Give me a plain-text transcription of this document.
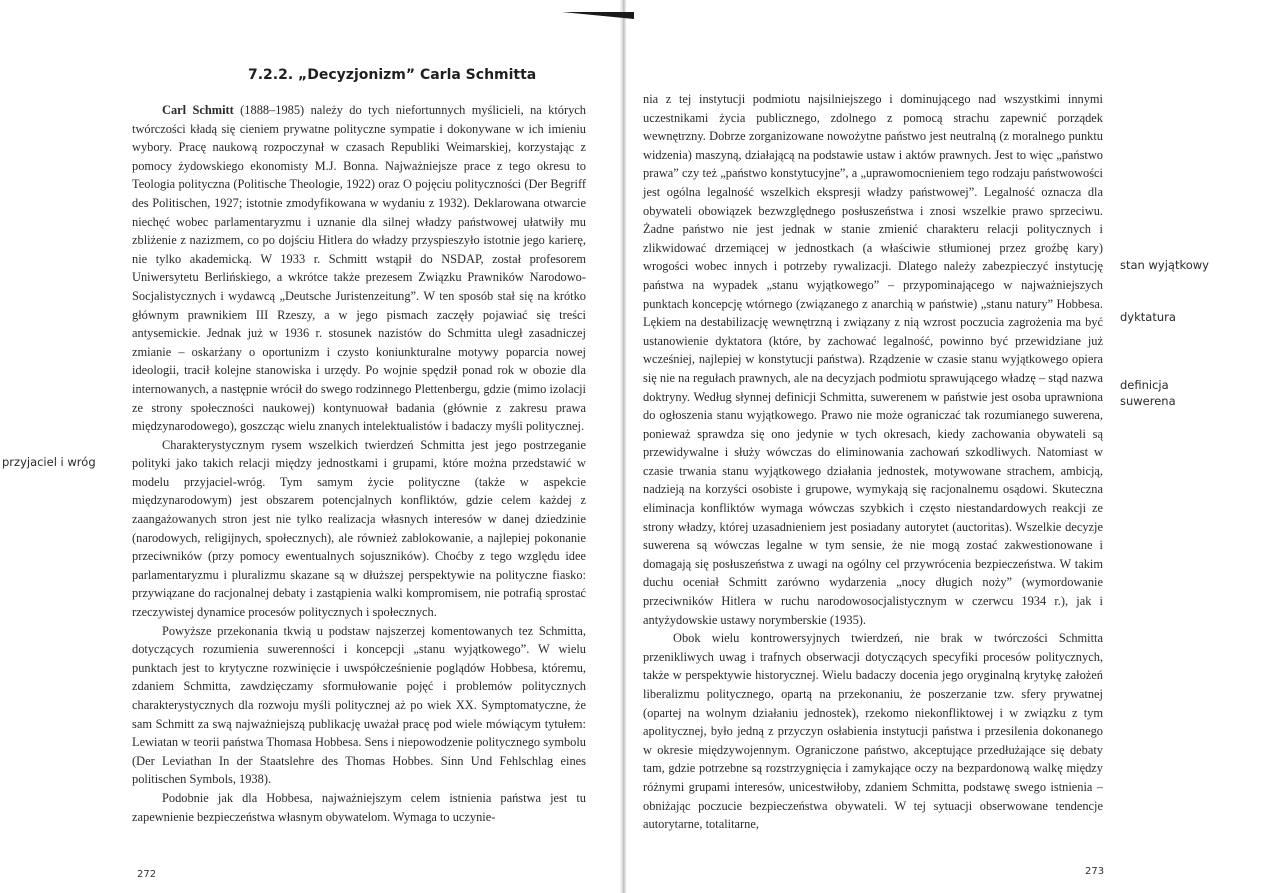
7.2.2. „Decyzjonizm” Carla Schmitta

Carl Schmitt (1888–1985) należy do tych niefortunnych myślicieli, na których twórczości kładą się cieniem prywatne polityczne sympatie i dokonywane w ich imieniu wybory. Pracę naukową rozpoczynał w czasach Republiki Weimarskiej, korzystając z pomocy żydowskiego ekonomisty M.J. Bonna. Najważniejsze prace z tego okresu to Teologia polityczna (Politische Theologie, 1922) oraz O pojęciu polityczności (Der Begriff des Politischen, 1927; istotnie zmodyfikowana w wydaniu z 1932). Deklarowana otwarcie niechęć wobec parlamentaryzmu i uznanie dla silnej władzy państwowej ułatwiły mu zbliżenie z nazizmem, co po dojściu Hitlera do władzy przyspieszyło istotnie jego karierę, nie tylko akademicką. W 1933 r. Schmitt wstąpił do NSDAP, został profesorem Uniwersytetu Berlińskiego, a wkrótce także prezesem Związku Prawników Narodowo-Socjalistycznych i wydawcą „Deutsche Juristenzeitung”. W ten sposób stał się na krótko głównym prawnikiem III Rzeszy, a w jego pismach zaczęły pojawiać się treści antysemickie. Jednak już w 1936 r. stosunek nazistów do Schmitta uległ zasadniczej zmianie – oskarżany o oportunizm i czysto koniunkturalne motywy poparcia nowej ideologii, tracił kolejne stanowiska i urzędy. Po wojnie spędził ponad rok w obozie dla internowanych, a następnie wrócił do swego rodzinnego Plettenbergu, gdzie (mimo izolacji ze strony społeczności naukowej) kontynuował badania (głównie z zakresu prawa międzynarodowego), goszcząc wielu znanych intelektualistów i badaczy myśli politycznej.

Charakterystycznym rysem wszelkich twierdzeń Schmitta jest jego postrzeganie polityki jako takich relacji między jednostkami i grupami, które można przedstawić w modelu przyjaciel-wróg. Tym samym życie polityczne (także w aspekcie międzynarodowym) jest obszarem potencjalnych konfliktów, gdzie celem każdej z zaangażowanych stron jest nie tylko realizacja własnych interesów w danej dziedzinie (narodowych, religijnych, społecznych), ale również zablokowanie, a najlepiej pokonanie przeciwników (przy pomocy ewentualnych sojuszników). Choćby z tego względu idee parlamentaryzmu i pluralizmu skazane są w dłuższej perspektywie na polityczne fiasko: przywiązane do racjonalnej debaty i zastąpienia walki kompromisem, nie potrafią sprostać rzeczywistej dynamice procesów politycznych i społecznych.

Powyższe przekonania tkwią u podstaw najszerzej komentowanych tez Schmitta, dotyczących rozumienia suwerenności i koncepcji „stanu wyjątkowego”. W wielu punktach jest to krytyczne rozwinięcie i uwspółcześnienie poglądów Hobbesa, któremu, zdaniem Schmitta, zawdzięczamy sformułowanie pojęć i problemów politycznych charakterystycznych dla rozwoju myśli politycznej aż po wiek XX. Symptomatyczne, że sam Schmitt za swą najważniejszą publikację uważał pracę pod wiele mówiącym tytułem: Lewiatan w teorii państwa Thomasa Hobbesa. Sens i niepowodzenie politycznego symbolu (Der Leviathan In der Staatslehre des Thomas Hobbes. Sinn Und Fehlschlag eines politischen Symbols, 1938).

Podobnie jak dla Hobbesa, najważniejszym celem istnienia państwa jest tu zapewnienie bezpieczeństwa własnym obywatelom. Wymaga to uczynie-

przyjaciel i wróg

nia z tej instytucji podmiotu najsilniejszego i dominującego nad wszystkimi innymi uczestnikami życia publicznego, zdolnego z pomocą strachu zapewnić porządek wewnętrzny. Dobrze zorganizowane nowożytne państwo jest neutralną (z moralnego punktu widzenia) maszyną, działającą na podstawie ustaw i aktów prawnych. Jest to więc „państwo prawa” czy też „państwo konstytucyjne”, a „uprawomocnieniem tego rodzaju państwowości jest ogólna legalność wszelkich ekspresji władzy państwowej”. Legalność oznacza dla obywateli obowiązek bezwzględnego posłuszeństwa i znosi wszelkie prawo sprzeciwu. Żadne państwo nie jest jednak w stanie zmienić charakteru relacji politycznych i zlikwidować drzemiącej w jednostkach (a właściwie stłumionej przez groźbę kary) wrogości wobec innych i potrzeby rywalizacji. Dlatego należy zabezpieczyć instytucję państwa na wypadek „stanu wyjątkowego” – przypominającego w najważniejszych punktach koncepcję wtórnego (związanego z anarchią w państwie) „stanu natury” Hobbesa. Lękiem na destabilizację wewnętrzną i związany z nią wzrost poczucia zagrożenia ma być ustanowienie dyktatora (które, by zachować legalność, powinno być przewidziane już wcześniej, najlepiej w konstytucji państwa). Rządzenie w czasie stanu wyjątkowego opiera się nie na regułach prawnych, ale na decyzjach podmiotu sprawującego władzę – stąd nazwa doktryny. Według słynnej definicji Schmitta, suwerenem w państwie jest osoba uprawniona do ogłoszenia stanu wyjątkowego. Prawo nie może ograniczać tak rozumianego suwerena, ponieważ sprawdza się ono jedynie w tych okresach, kiedy zachowania obywateli są przewidywalne i służy wówczas do eliminowania zachowań szkodliwych. Natomiast w czasie trwania stanu wyjątkowego działania jednostek, motywowane strachem, ambicją, nadzieją na korzyści osobiste i grupowe, wymykają się racjonalnemu osądowi. Skuteczna eliminacja konfliktów wymaga wówczas szybkich i często niestandardowych reakcji ze strony władzy, której uzasadnieniem jest posiadany autorytet (auctoritas). Wszelkie decyzje suwerena są wówczas legalne w tym sensie, że nie mogą zostać zakwestionowane i domagają się posłuszeństwa z uwagi na ogólny cel przywrócenia bezpieczeństwa. W takim duchu oceniał Schmitt zarówno wydarzenia „nocy długich noży” (wymordowanie przeciwników Hitlera w ruchu narodowosocjalistycznym w czerwcu 1934 r.), jak i antyżydowskie ustawy norymberskie (1935).

Obok wielu kontrowersyjnych twierdzeń, nie brak w twórczości Schmitta przenikliwych uwag i trafnych obserwacji dotyczących specyfiki procesów politycznych, także w perspektywie historycznej. Wielu badaczy docenia jego oryginalną krytykę założeń liberalizmu politycznego, opartą na przekonaniu, że poszerzanie tzw. sfery prywatnej (opartej na wolnym działaniu jednostek), rzekomo niekonfliktowej i w związku z tym apolitycznej, było jedną z przyczyn osłabienia instytucji państwa i przesilenia dokonanego w okresie międzywojennym. Ograniczone państwo, akceptujące przedłużające się debaty tam, gdzie potrzebne są rozstrzygnięcia i zamykające oczy na bezpardonową walkę między różnymi grupami interesów, unicestwiłoby, zdaniem Schmitta, podstawę swego istnienia – obniżając poczucie bezpieczeństwa obywateli. W tej sytuacji obserwowane tendencje autorytarne, totalitarne,

stan wyjątkowy
dyktatura
definicja suwerena
272	273
